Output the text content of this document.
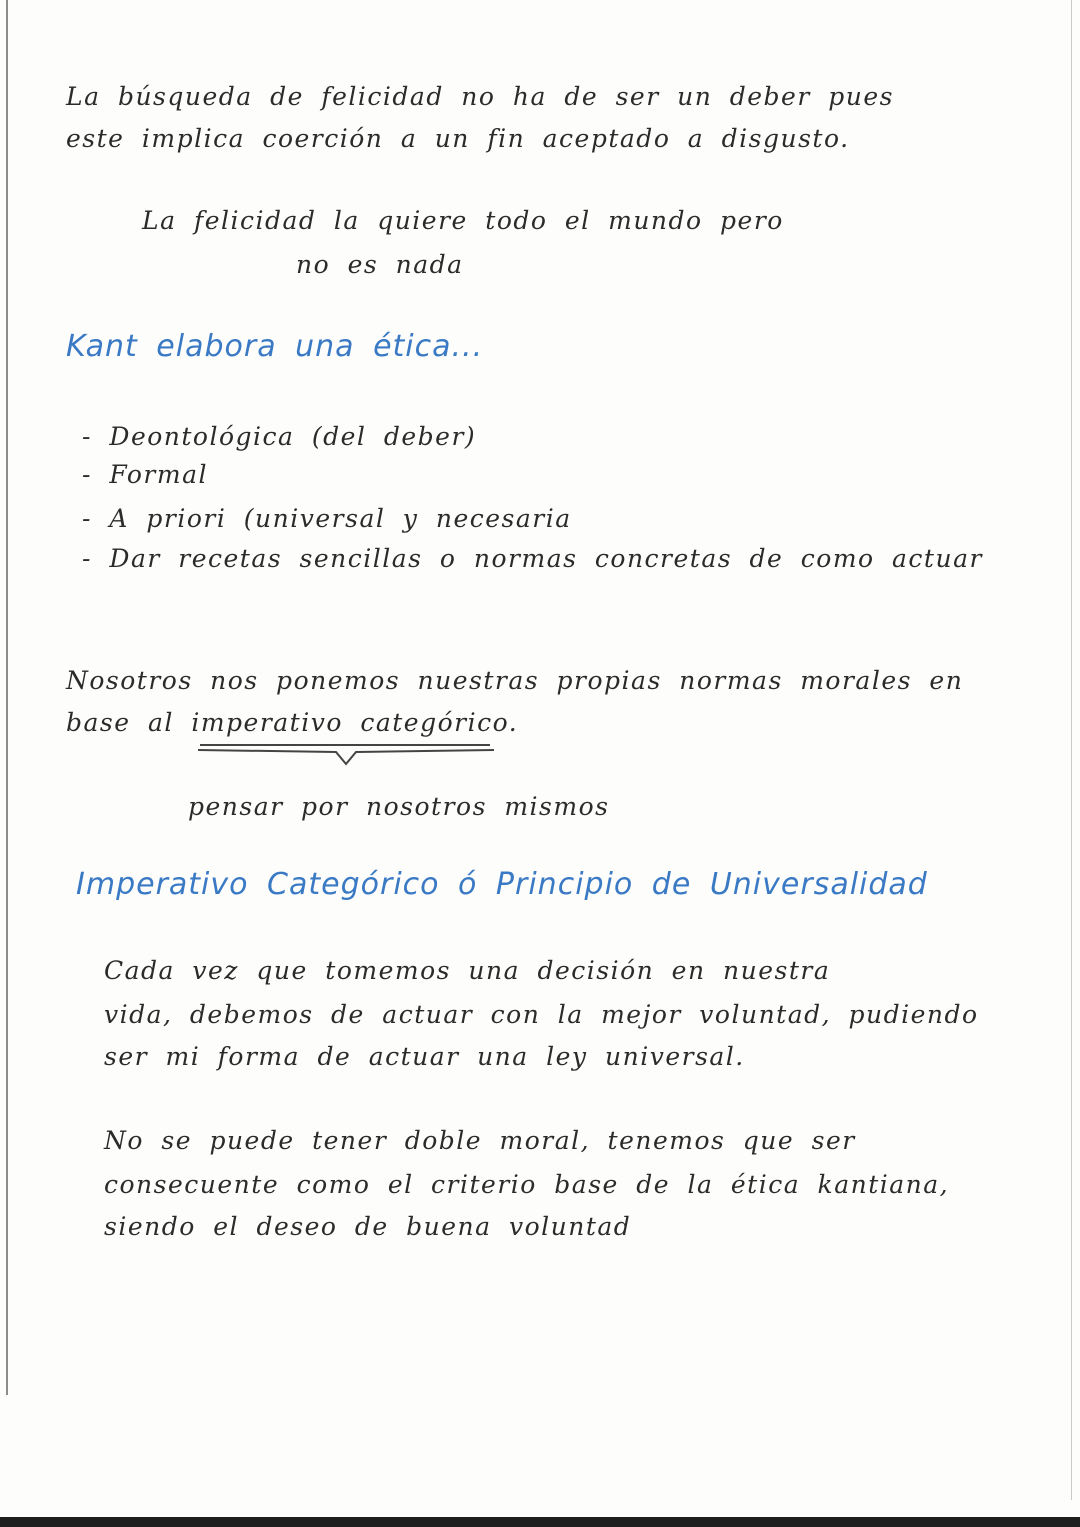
La búsqueda de felicidad no ha de ser un deber pues
este implica coerción a un fin aceptado a disgusto.
La felicidad la quiere todo el mundo pero
no es nada
Kant elabora una ética...
- Deontológica (del deber)
- Formal
- A priori (universal y necesaria
- Dar recetas sencillas o normas concretas de como actuar
Nosotros nos ponemos nuestras propias normas morales en
base al imperativo categórico.
pensar por nosotros mismos
Imperativo Categórico ó Principio de Universalidad
Cada vez que tomemos una decisión en nuestra
vida, debemos de actuar con la mejor voluntad, pudiendo
ser mi forma de actuar una ley universal.
No se puede tener doble moral, tenemos que ser
consecuente como el criterio base de la ética kantiana,
siendo el deseo de buena voluntad
